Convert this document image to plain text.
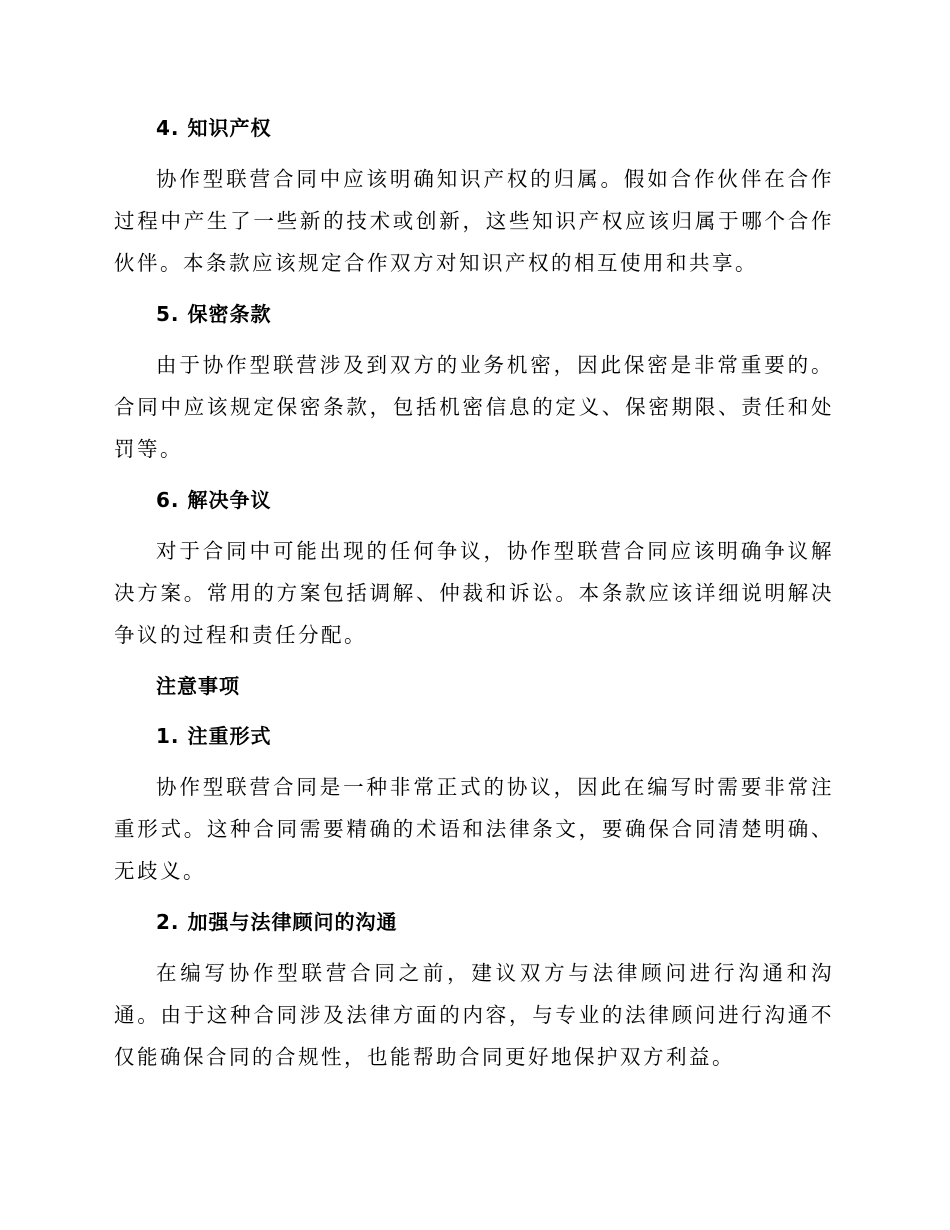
4. 知识产权

协作型联营合同中应该明确知识产权的归属。假如合作伙伴在合作过程中产生了一些新的技术或创新，这些知识产权应该归属于哪个合作伙伴。本条款应该规定合作双方对知识产权的相互使用和共享。

5. 保密条款

由于协作型联营涉及到双方的业务机密，因此保密是非常重要的。合同中应该规定保密条款，包括机密信息的定义、保密期限、责任和处罚等。

6. 解决争议

对于合同中可能出现的任何争议，协作型联营合同应该明确争议解决方案。常用的方案包括调解、仲裁和诉讼。本条款应该详细说明解决争议的过程和责任分配。

注意事项
1. 注重形式

协作型联营合同是一种非常正式的协议，因此在编写时需要非常注重形式。这种合同需要精确的术语和法律条文，要确保合同清楚明确、无歧义。

2. 加强与法律顾问的沟通

在编写协作型联营合同之前，建议双方与法律顾问进行沟通和沟通。由于这种合同涉及法律方面的内容，与专业的法律顾问进行沟通不仅能确保合同的合规性，也能帮助合同更好地保护双方利益。
